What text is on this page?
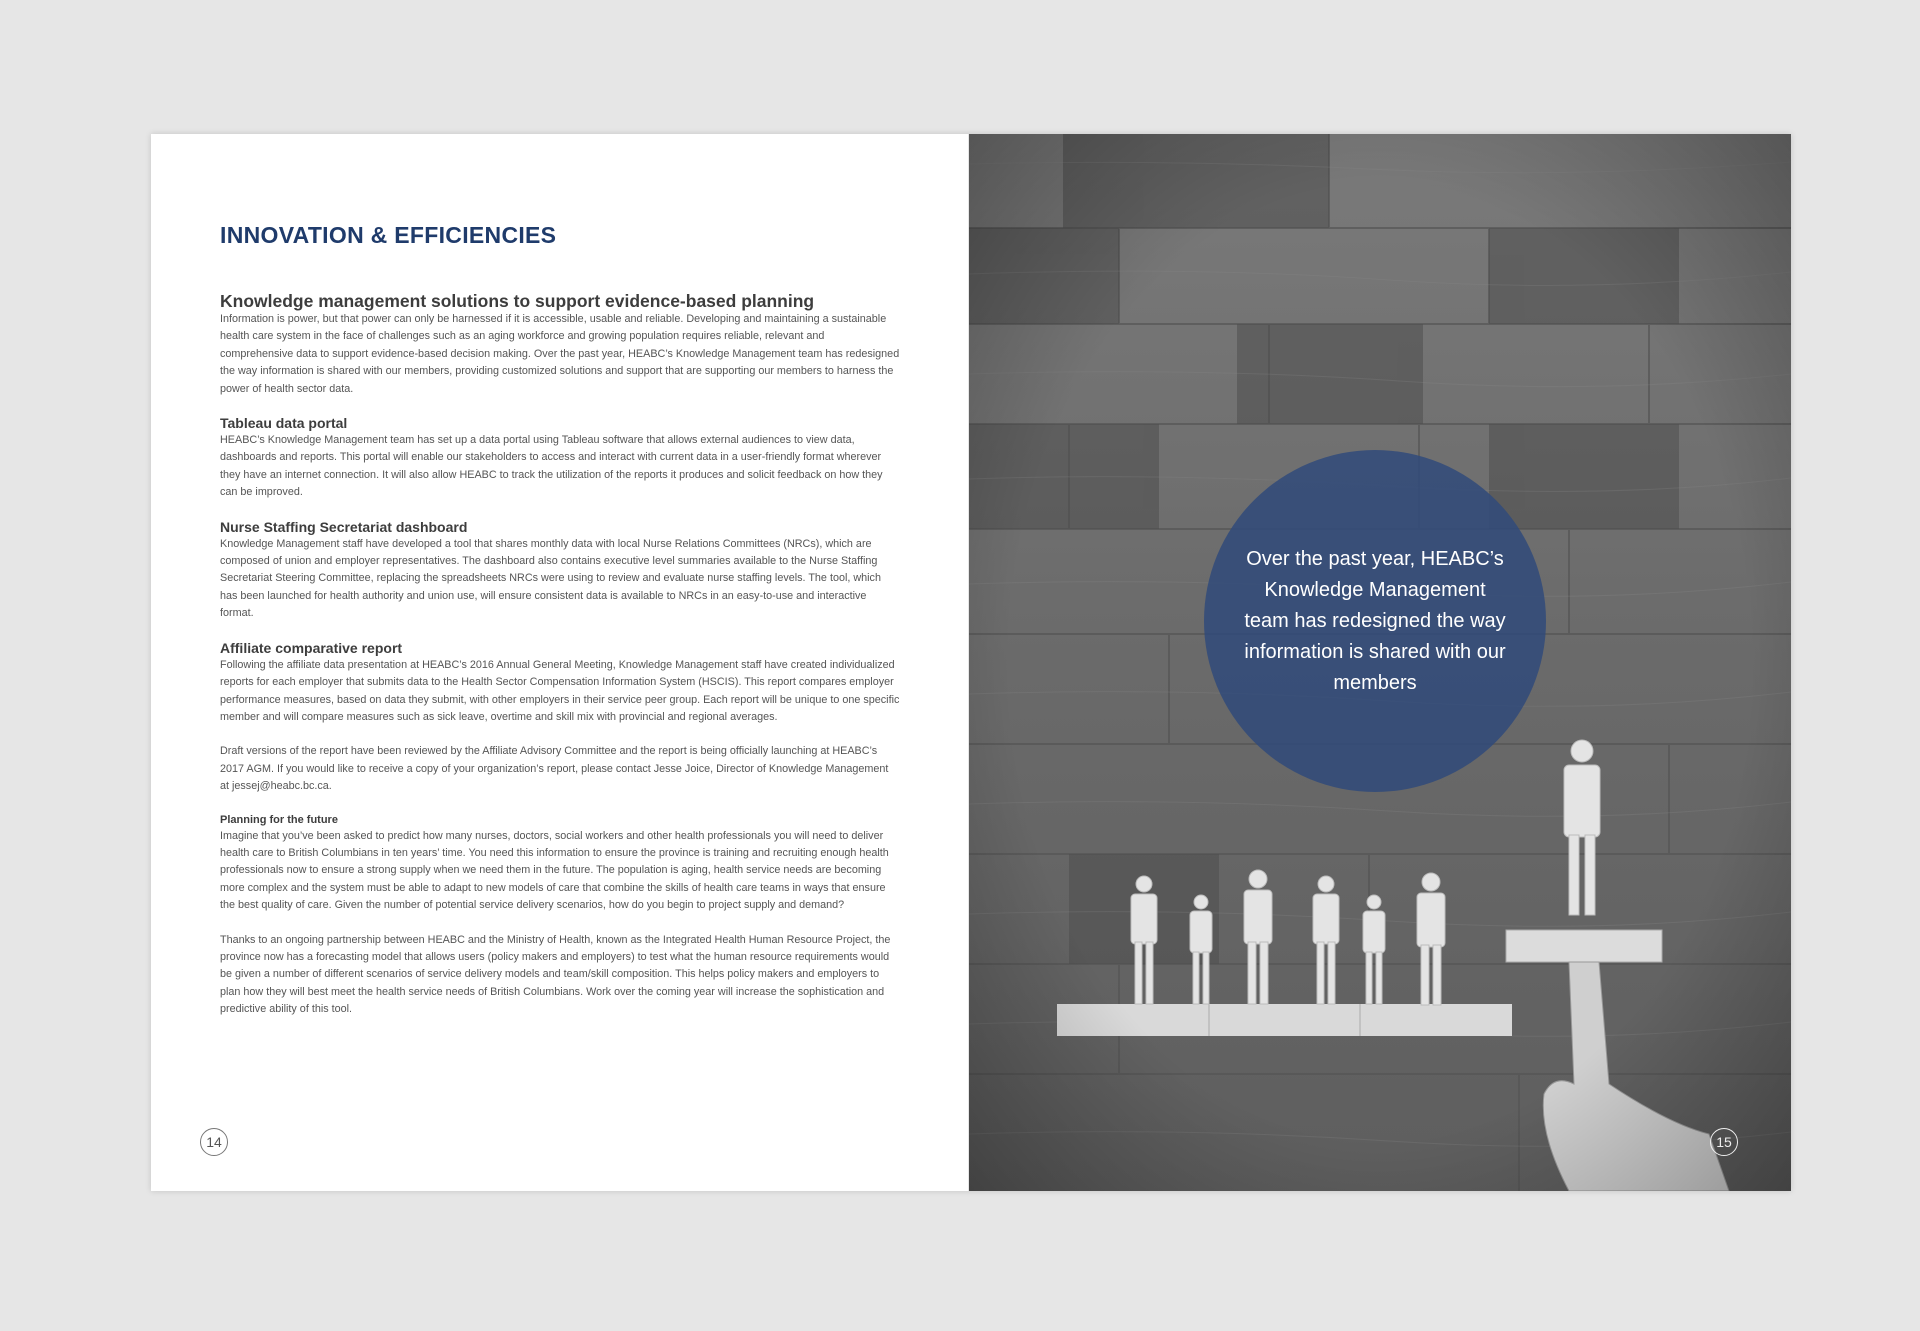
INNOVATION & EFFICIENCIES
Knowledge management solutions to support evidence-based planning

Information is power, but that power can only be harnessed if it is accessible, usable and reliable. Developing and maintaining a sustainable health care system in the face of challenges such as an aging workforce and growing population requires reliable, relevant and comprehensive data to support evidence-based decision making. Over the past year, HEABC’s Knowledge Management team has redesigned the way information is shared with our members, providing customized solutions and support that are supporting our members to harness the power of health sector data.

Tableau data portal

HEABC’s Knowledge Management team has set up a data portal using Tableau software that allows external audiences to view data, dashboards and reports. This portal will enable our stakeholders to access and interact with current data in a user-friendly format wherever they have an internet connection. It will also allow HEABC to track the utilization of the reports it produces and solicit feedback on how they can be improved.

Nurse Staffing Secretariat dashboard

Knowledge Management staff have developed a tool that shares monthly data with local Nurse Relations Committees (NRCs), which are composed of union and employer representatives. The dashboard also contains executive level summaries available to the Nurse Staffing Secretariat Steering Committee, replacing the spreadsheets NRCs were using to review and evaluate nurse staffing levels. The tool, which has been launched for health authority and union use, will ensure consistent data is available to NRCs in an easy-to-use and interactive format.

Affiliate comparative report

Following the affiliate data presentation at HEABC’s 2016 Annual General Meeting, Knowledge Management staff have created individualized reports for each employer that submits data to the Health Sector Compensation Information System (HSCIS). This report compares employer performance measures, based on data they submit, with other employers in their service peer group. Each report will be unique to one specific member and will compare measures such as sick leave, overtime and skill mix with provincial and regional averages.

Draft versions of the report have been reviewed by the Affiliate Advisory Committee and the report is being officially launching at HEABC’s 2017 AGM. If you would like to receive a copy of your organization’s report, please contact Jesse Joice, Director of Knowledge Management at jessej@heabc.bc.ca.

Planning for the future

Imagine that you’ve been asked to predict how many nurses, doctors, social workers and other health professionals you will need to deliver health care to British Columbians in ten years’ time. You need this information to ensure the province is training and recruiting enough health professionals now to ensure a strong supply when we need them in the future. The population is aging, health service needs are becoming more complex and the system must be able to adapt to new models of care that combine the skills of health care teams in ways that ensure the best quality of care. Given the number of potential service delivery scenarios, how do you begin to project supply and demand?

Thanks to an ongoing partnership between HEABC and the Ministry of Health, known as the Integrated Health Human Resource Project, the province now has a forecasting model that allows users (policy makers and employers) to test what the human resource requirements would be given a number of different scenarios of service delivery models and team/skill composition. This helps policy makers and employers to plan how they will best meet the health service needs of British Columbians. Work over the coming year will increase the sophistication and predictive ability of this tool.

14
Over the past year, HEABC’s Knowledge Management team has redesigned the way information is shared with our members
15
